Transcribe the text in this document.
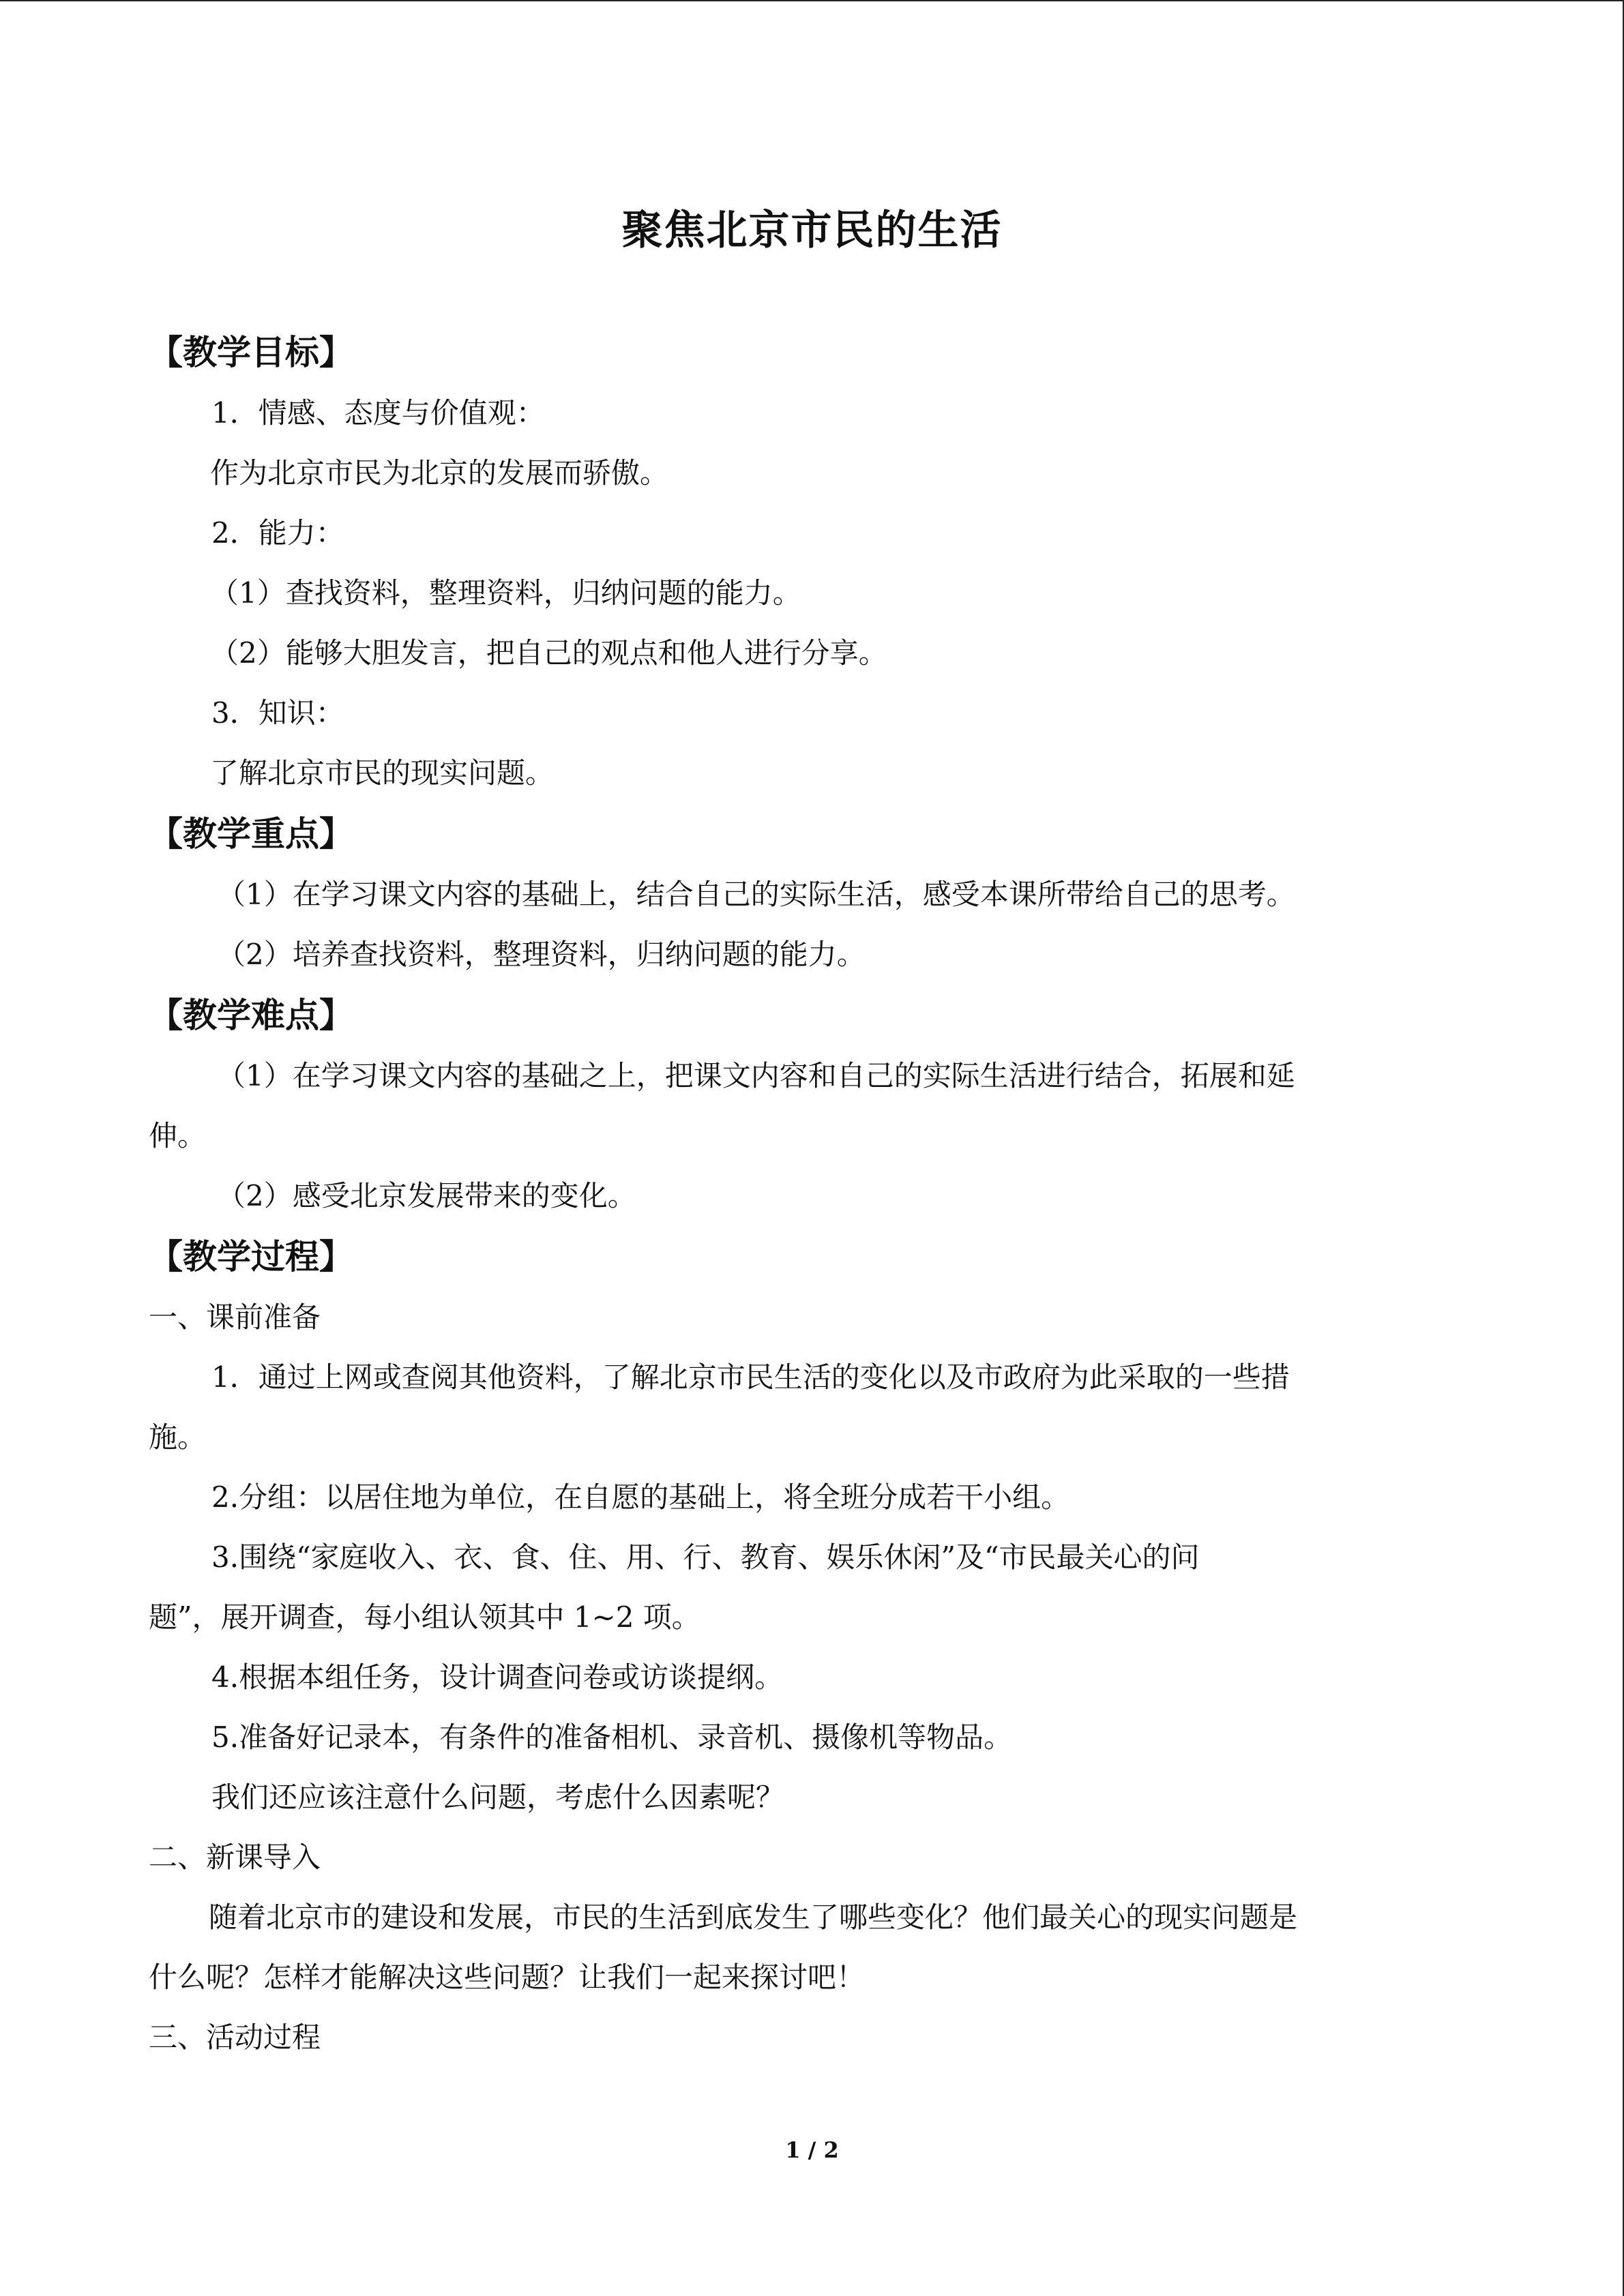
聚焦北京市民的生活
【教学目标】
1．情感、态度与价值观：
作为北京市民为北京的发展而骄傲。
2．能力：
（1）查找资料，整理资料，归纳问题的能力。
（2）能够大胆发言，把自己的观点和他人进行分享。
3．知识：
了解北京市民的现实问题。
【教学重点】
（1）在学习课文内容的基础上，结合自己的实际生活，感受本课所带给自己的思考。
（2）培养查找资料，整理资料，归纳问题的能力。
【教学难点】
（1）在学习课文内容的基础之上，把课文内容和自己的实际生活进行结合，拓展和延
伸。
（2）感受北京发展带来的变化。
【教学过程】
一、课前准备
1．通过上网或查阅其他资料，了解北京市民生活的变化以及市政府为此采取的一些措
施。
2.分组：以居住地为单位，在自愿的基础上，将全班分成若干小组。
3.围绕“家庭收入、衣、食、住、用、行、教育、娱乐休闲”及“市民最关心的问
题”，展开调查，每小组认领其中 1~2 项。
4.根据本组任务，设计调查问卷或访谈提纲。
5.准备好记录本，有条件的准备相机、录音机、摄像机等物品。
我们还应该注意什么问题，考虑什么因素呢？
二、新课导入
随着北京市的建设和发展，市民的生活到底发生了哪些变化？他们最关心的现实问题是
什么呢？怎样才能解决这些问题？让我们一起来探讨吧！
三、活动过程
1 / 2
